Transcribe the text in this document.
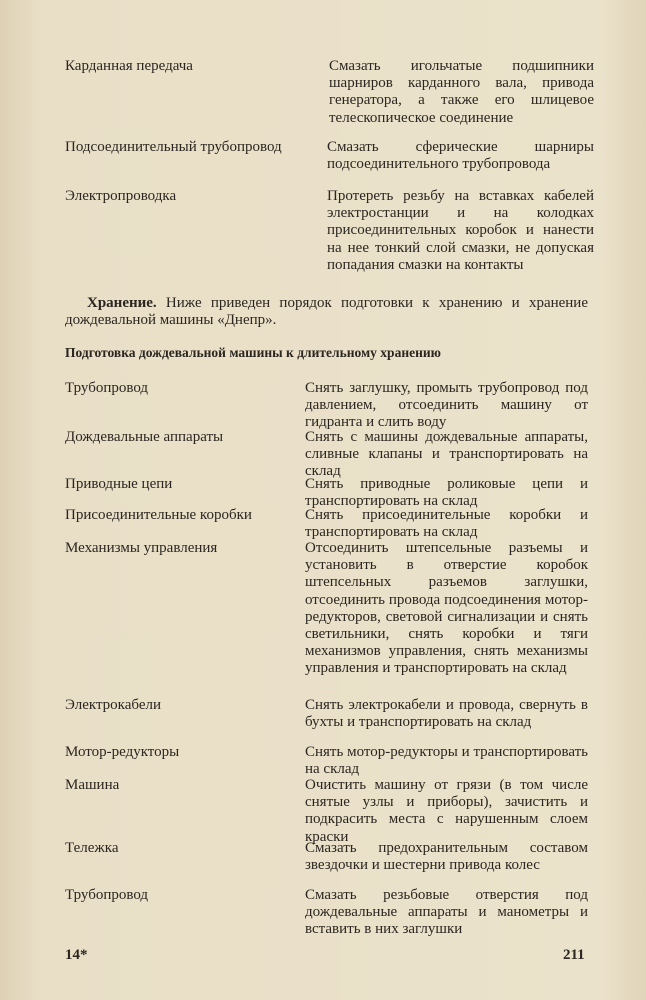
Карданная передача	Смазать игольчатые подшипники шарниров карданного вала, привода генератора, а также его шлицевое телескопическое соединение
Подсоединительный трубопровод	Смазать сферические шарниры подсоединительного трубопровода
Электропроводка	Протереть резьбу на вставках кабелей электростанции и на колодках присоединительных коробок и нанести на нее тонкий слой смазки, не допуская попадания смазки на контакты
Хранение. Ниже приведен порядок подготовки к хранению и хранение дождевальной машины «Днепр».
Подготовка дождевальной машины к длительному хранению
Трубопровод	Снять заглушку, промыть трубопровод под давлением, отсоединить машину от гидранта и слить воду
Дождевальные аппараты	Снять с машины дождевальные аппараты, сливные клапаны и транспортировать на склад
Приводные цепи	Снять приводные роликовые цепи и транспортировать на склад
Присоединительные коробки	Снять присоединительные коробки и транспортировать на склад
Механизмы управления	Отсоединить штепсельные разъемы и установить в отверстие коробок штепсельных разъемов заглушки, отсоединить провода подсоединения мотор-редукторов, световой сигнализации и снять светильники, снять коробки и тяги механизмов управления, снять механизмы управления и транспортировать на склад
Электрокабели	Снять электрокабели и провода, свернуть в бухты и транспортировать на склад
Мотор-редукторы	Снять мотор-редукторы и транспортировать на склад
Машина	Очистить машину от грязи (в том числе снятые узлы и приборы), зачистить и подкрасить места с нарушенным слоем краски
Тележка	Смазать предохранительным составом звездочки и шестерни привода колес
Трубопровод	Смазать резьбовые отверстия под дождевальные аппараты и манометры и вставить в них заглушки
14*	211
